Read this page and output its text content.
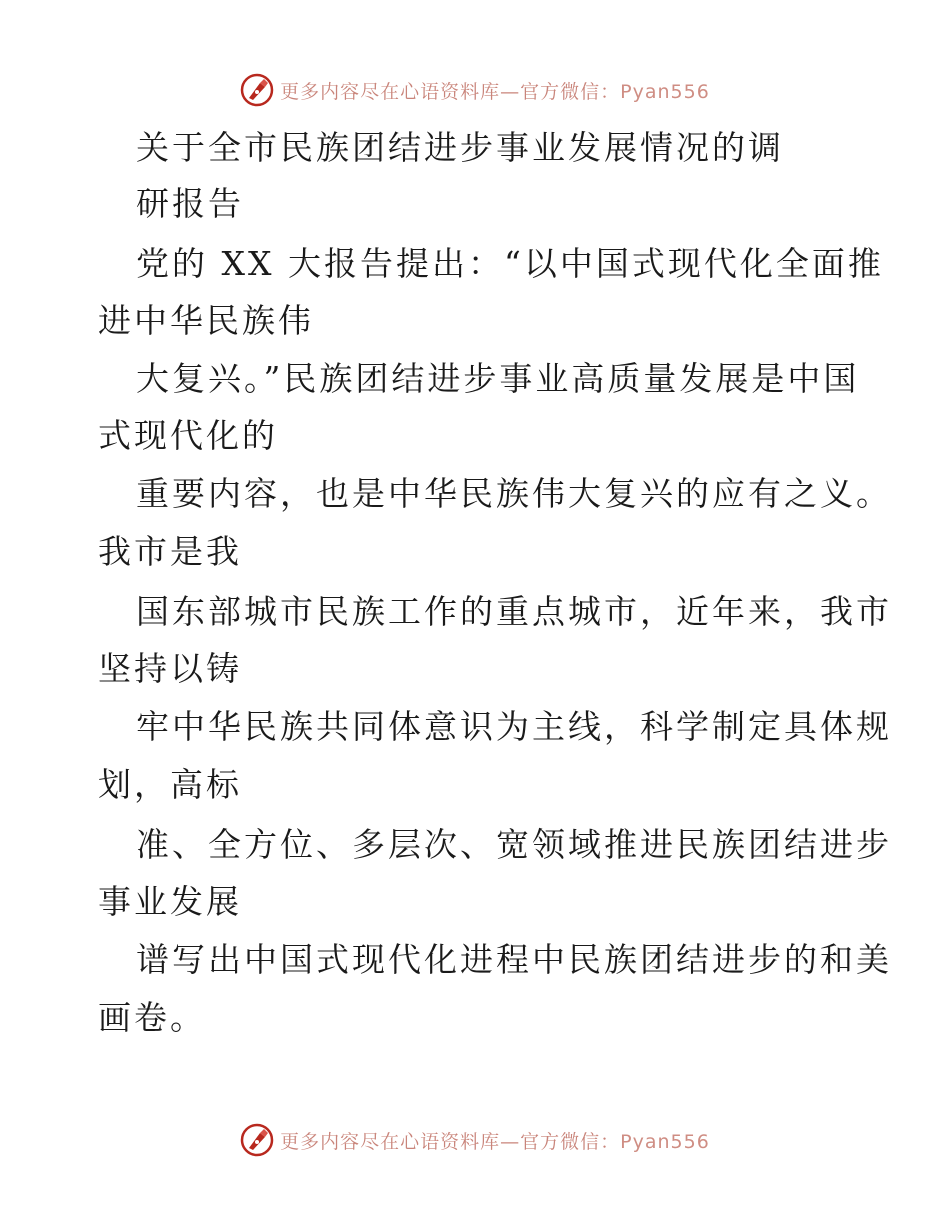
更多内容尽在心语资料库—官方微信：Pyan556
关于全市民族团结进步事业发展情况的调
研报告
党的 XX 大报告提出：“以中国式现代化全面推
进中华民族伟
大复兴。”民族团结进步事业高质量发展是中国
式现代化的
重要内容，也是中华民族伟大复兴的应有之义。
我市是我
国东部城市民族工作的重点城市，近年来，我市
坚持以铸
牢中华民族共同体意识为主线，科学制定具体规
划，高标
准、全方位、多层次、宽领域推进民族团结进步
事业发展
谱写出中国式现代化进程中民族团结进步的和美
画卷。
更多内容尽在心语资料库—官方微信：Pyan556
